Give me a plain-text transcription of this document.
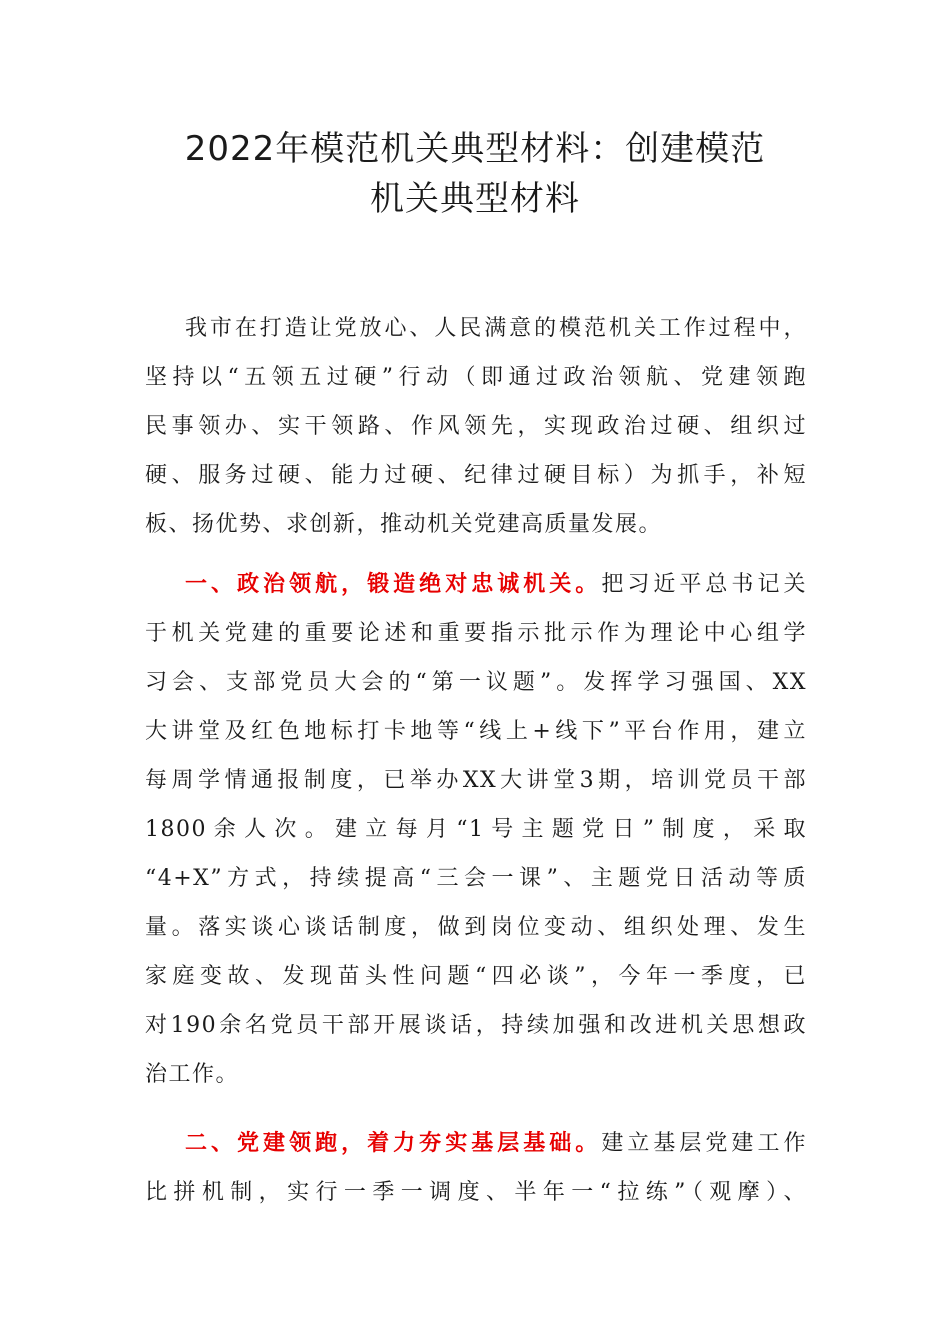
2022年模范机关典型材料：创建模范
机关典型材料
我市在打造让党放心、人民满意的模范机关工作过程中，
坚持以“五领五过硬”行动（即通过政治领航、党建领跑
民事领办、实干领路、作风领先，实现政治过硬、组织过
硬、服务过硬、能力过硬、纪律过硬目标）为抓手，补短
板、扬优势、求创新，推动机关党建高质量发展。
一、政治领航，锻造绝对忠诚机关。把习近平总书记关
于机关党建的重要论述和重要指示批示作为理论中心组学
习会、支部党员大会的“第一议题”。发挥学习强国、XX
大讲堂及红色地标打卡地等“线上+线下”平台作用，建立
每周学情通报制度，已举办XX大讲堂3期，培训党员干部
1800余人次。建立每月“1号主题党日”制度，采取
“4+X”方式，持续提高“三会一课”、主题党日活动等质
量。落实谈心谈话制度，做到岗位变动、组织处理、发生
家庭变故、发现苗头性问题“四必谈”，今年一季度，已
对190余名党员干部开展谈话，持续加强和改进机关思想政
治工作。
二、党建领跑，着力夯实基层基础。建立基层党建工作
比拼机制，实行一季一调度、半年一“拉练”（观摩）、
